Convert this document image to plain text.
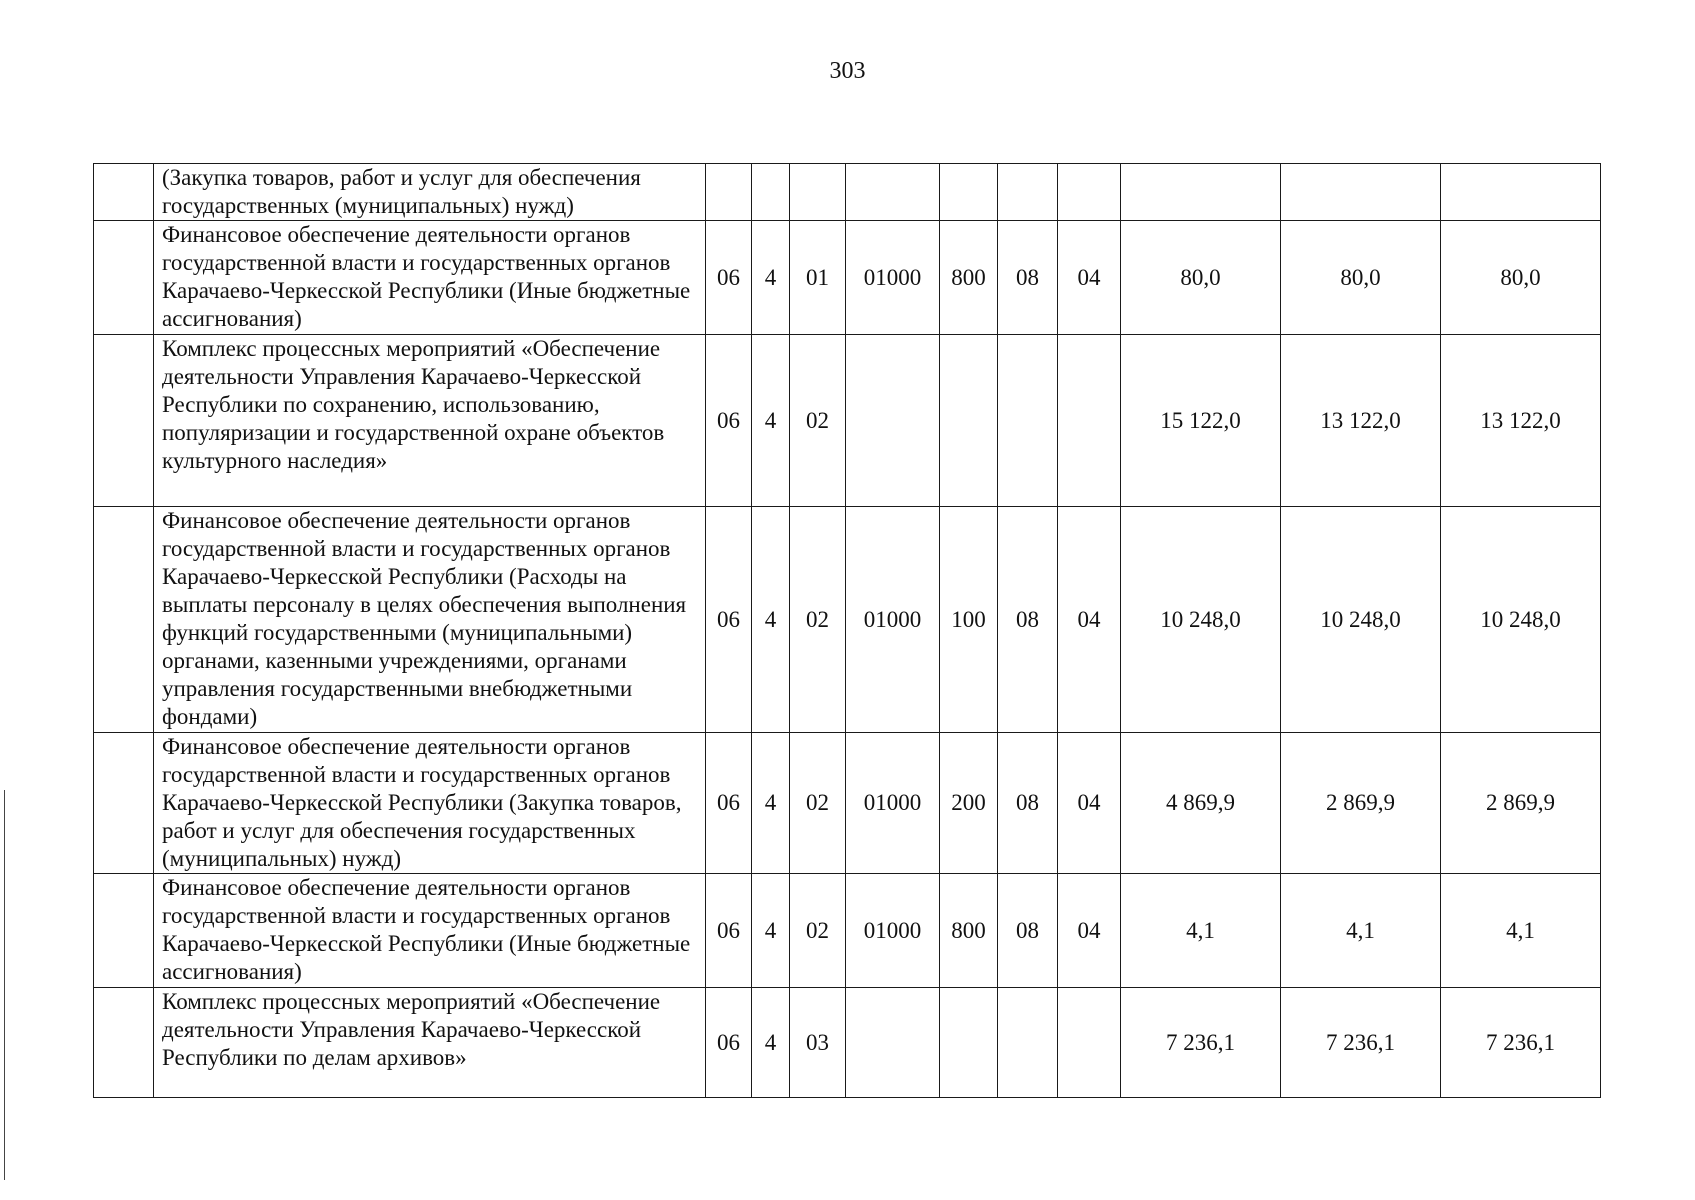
303
	(Закупка товаров, работ и услуг для обеспечения государственных (муниципальных) нужд)										
	Финансовое обеспечение деятельности органов государственной власти и государственных органов Карачаево-Черкесской Республики (Иные бюджетные ассигнования)	06	4	01	01000	800	08	04	80,0	80,0	80,0
	Комплекс процессных мероприятий «Обеспечение деятельности Управления Карачаево-Черкесской Республики по сохранению, использованию, популяризации и государственной охране объектов культурного наследия»	06	4	02					15 122,0	13 122,0	13 122,0
	Финансовое обеспечение деятельности органов государственной власти и государственных органов Карачаево-Черкесской Республики (Расходы на выплаты персоналу в целях обеспечения выполнения функций государственными (муниципальными) органами, казенными учреждениями, органами управления государственными внебюджетными фондами)	06	4	02	01000	100	08	04	10 248,0	10 248,0	10 248,0
	Финансовое обеспечение деятельности органов государственной власти и государственных органов Карачаево-Черкесской Республики (Закупка товаров, работ и услуг для обеспечения государственных (муниципальных) нужд)	06	4	02	01000	200	08	04	4 869,9	2 869,9	2 869,9
	Финансовое обеспечение деятельности органов государственной власти и государственных органов Карачаево-Черкесской Республики (Иные бюджетные ассигнования)	06	4	02	01000	800	08	04	4,1	4,1	4,1
	Комплекс процессных мероприятий «Обеспечение деятельности Управления Карачаево-Черкесской Республики по делам архивов»	06	4	03					7 236,1	7 236,1	7 236,1
